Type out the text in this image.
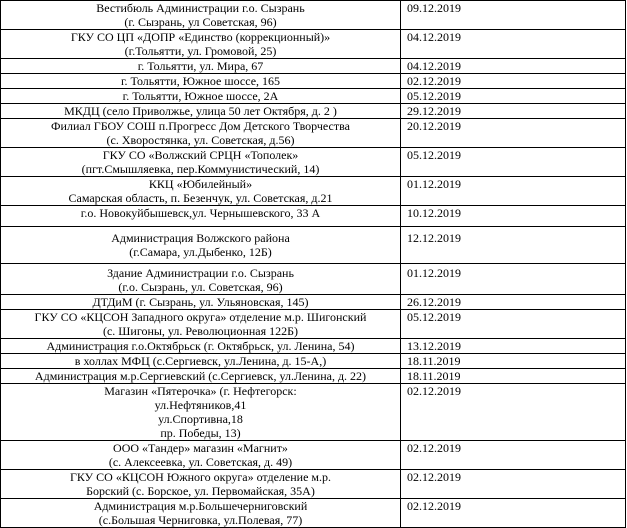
Вестибюль Администрации г.о. Сызрань
(г. Сызрань, ул Советская, 96)	09.12.2019

ГКУ СО ЦП «ДОПР «Единство (коррекционный)»
(г.Тольятти, ул. Громовой, 25)	04.12.2019

г. Тольятти, ул. Мира, 67	04.12.2019

г. Тольятти, Южное шоссе, 165	02.12.2019

г. Тольятти, Южное шоссе, 2А	05.12.2019

МКДЦ (село Приволжье, улица 50 лет Октября, д. 2 )	29.12.2019

Филиал ГБОУ СОШ п.Прогресс Дом Детского Творчества
(с. Хворостянка, ул. Советская, д.56)	20.12.2019

ГКУ СО «Волжский СРЦН «Тополек»
(пгт.Смышляевка, пер.Коммунистический, 14)	05.12.2019

ККЦ «Юбилейный»
Самарская область, п. Безенчук, ул. Советская, д.21	01.12.2019

г.о. Новокуйбышевск,ул. Чернышевского, 33 А	10.12.2019

Администрация Волжского района
(г.Самара, ул.Дыбенко, 12Б)	12.12.2019

Здание Администрации г.о. Сызрань
(г.о. Сызрань, ул. Советская, 96)	01.12.2019

ДТДиМ (г. Сызрань, ул. Ульяновская, 145)	26.12.2019

ГКУ СО «КЦСОН Западного округа» отделение м.р. Шигонский
(с. Шигоны, ул. Революционная 122Б)	05.12.2019

Администрация г.о.Октябрьск (г. Октябрьск, ул. Ленина, 54)	13.12.2019

в холлах МФЦ (с.Сергиевск, ул.Ленина, д. 15-А,)	18.11.2019

Администрация м.р.Сергиевский (с.Сергиевск, ул.Ленина, д. 22)	18.11.2019

Магазин «Пятерочка» (г. Нефтегорск:
ул.Нефтяников,41
ул.Спортивна,18
пр. Победы, 13)	02.12.2019

ООО «Тандер» магазин «Магнит»
(с. Алексеевка, ул. Советская, д. 49)	02.12.2019

ГКУ СО «КЦСОН Южного округа» отделение м.р.
Борский (с. Борское, ул. Первомайская, 35А)	02.12.2019

Администрация м.р.Большечерниговский
(с.Большая Черниговка, ул.Полевая, 77)	02.12.2019
